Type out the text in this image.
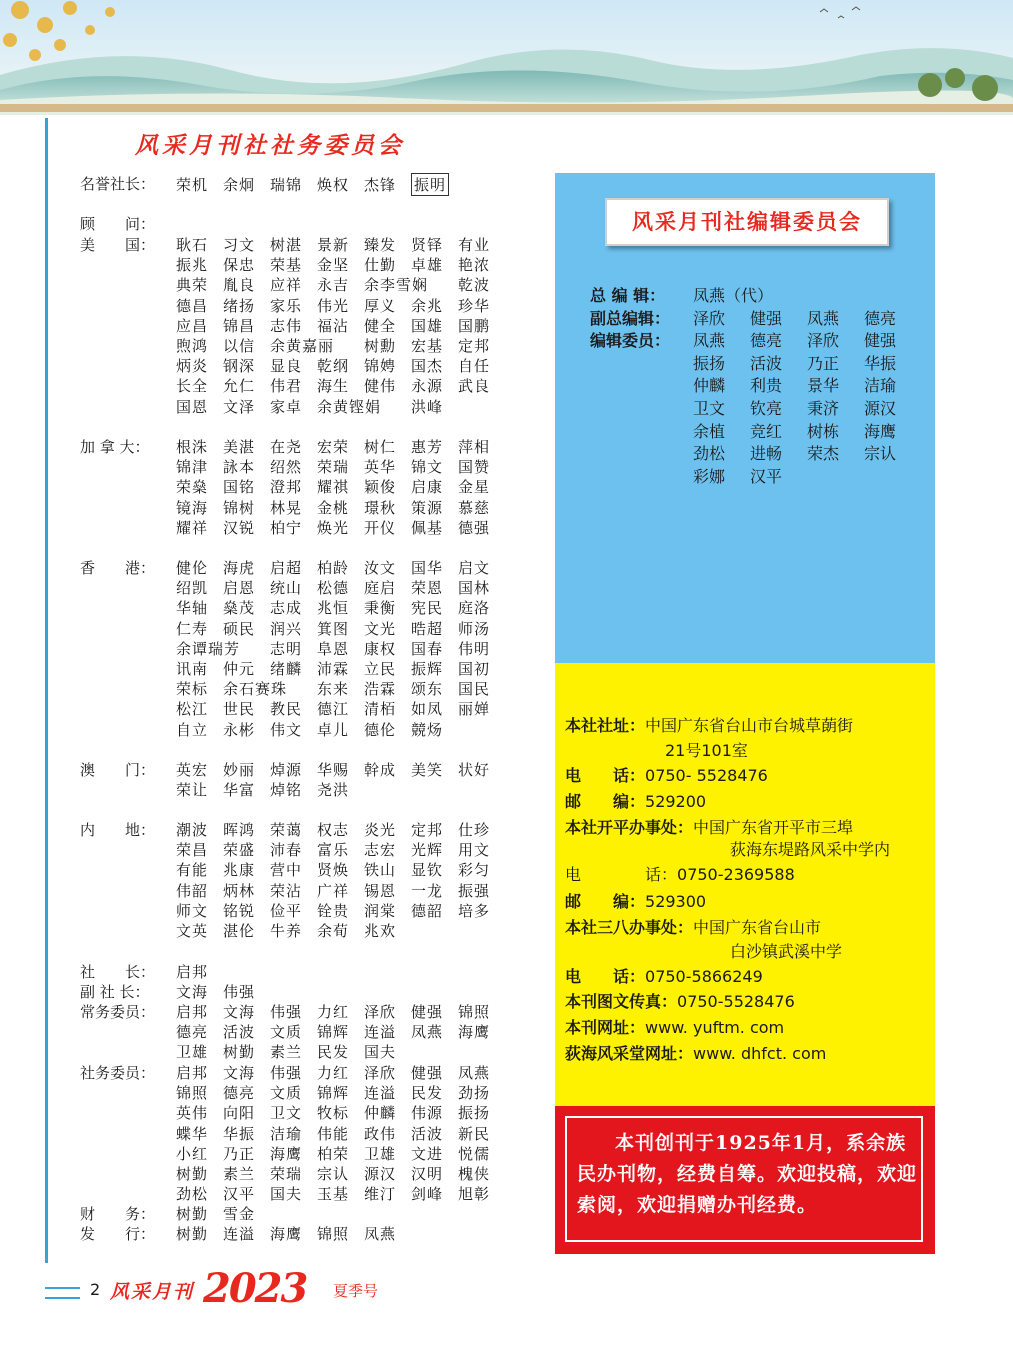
风采月刊社社务委员会
名誉社长： 荣机 余炯 瑞锦 焕权 杰锋 振明
顾　　问：
美　　国： 耿石 习文 树湛 景新 臻发 贤铎 有业
振兆 保忠 荣基 金坚 仕勤 卓雄 艳浓
典荣 胤良 应祥 永吉 余李雪娴 乾波
德昌 绪扬 家乐 伟光 厚义 余兆 珍华
应昌 锦昌 志伟 福沾 健全 国雄 国鹏
煦鸿 以信 余黄嘉丽 树勳 宏基 定邦
炳炎 钢深 显良 乾纲 锦娉 国杰 自任
长全 允仁 伟君 海生 健伟 永源 武良
国恩 文泽 家卓 余黄铿娟 洪峰
加 拿 大： 根洙 美湛 在尧 宏荣 树仁 惠芳 萍相
锦津 詠本 绍然 荣瑞 英华 锦文 国赞
荣燊 国铭 澄邦 耀祺 颖俊 启康 金星
镜海 锦树 林晃 金桃 璟秋 策源 慕慈
耀祥 汉锐 柏宁 焕光 开仪 佩基 德强
香　　港： 健伦 海虎 启超 柏龄 汝文 国华 启文
绍凯 启恩 统山 松德 庭启 荣恩 国林
华轴 燊茂 志成 兆恒 秉衡 宪民 庭洛
仁寿 硕民 润兴 箕图 文光 晧超 师汤
余谭瑞芳 志明 阜恩 康权 国春 伟明
讯南 仲元 绪麟 沛霖 立民 振辉 国初
荣标 余石赛珠 东来 浩霖 颂东 国民
松江 世民 教民 德江 清栢 如凤 丽婵
自立 永彬 伟文 卓儿 德伦 競炀
澳　　门： 英宏 妙丽 焯源 华赐 幹成 美笑 状好
荣让 华富 焯铭 尧洪
内　　地： 潮波 晖鸿 荣蔼 权志 炎光 定邦 仕珍
荣昌 荣盛 沛春 富乐 志宏 光辉 用文
有能 兆康 营中 贤焕 铁山 显钦 彩匀
伟韶 炳林 荣沾 广祥 锡恩 一龙 振强
师文 铭锐 俭平 铨贵 润棠 德韶 培多
文英 湛伦 牛养 余荀 兆欢
社　　长： 启邦
副 社 长： 文海 伟强
常务委员： 启邦 文海 伟强 力红 泽欣 健强 锦照
德亮 活波 文质 锦辉 连溢 凤燕 海鹰
卫雄 树勤 素兰 民发 国夫
社务委员： 启邦 文海 伟强 力红 泽欣 健强 凤燕
锦照 德亮 文质 锦辉 连溢 民发 劲扬
英伟 向阳 卫文 牧标 仲麟 伟源 振扬
蝶华 华振 洁瑜 伟能 政伟 活波 新民
小红 乃正 海鹰 柏荣 卫雄 文进 悦儒
树勤 素兰 荣瑞 宗认 源汉 汉明 槐侠
劲松 汉平 国夫 玉基 维汀 剑峰 旭彰
财　　务： 树勤 雪金
发　　行： 树勤 连溢 海鹰 锦照 凤燕
风采月刊社编辑委员会
总 编 辑：	凤燕（代）
副总编辑：	泽欣 健强 凤燕 德亮
编辑委员：	凤燕 德亮 泽欣 健强
振扬 活波 乃正 华振
仲麟 利贵 景华 洁瑜
卫文 钦亮 秉济 源汉
余植 竞红 树栋 海鹰
劲松 进畅 荣杰 宗认
彩娜 汉平
本社社址：中国广东省台山市台城草蓢街
21号101室
电　　话：0750- 5528476
邮　　编：529200
本社开平办事处：中国广东省开平市三埠
荻海东堤路风采中学内
电　　　　话：0750-2369588
邮　　编：529300
本社三八办事处：中国广东省台山市
白沙镇武溪中学
电　　话：0750-5866249
本刊图文传真：0750-5528476
本刊网址：www. yuftm. com
荻海风采堂网址：www. dhfct. com
本刊创刊于1925年1月，系余族民办刊物，经费自筹。欢迎投稿，欢迎索阅，欢迎捐赠办刊经费。
2 风采月刊 2023 夏季号
